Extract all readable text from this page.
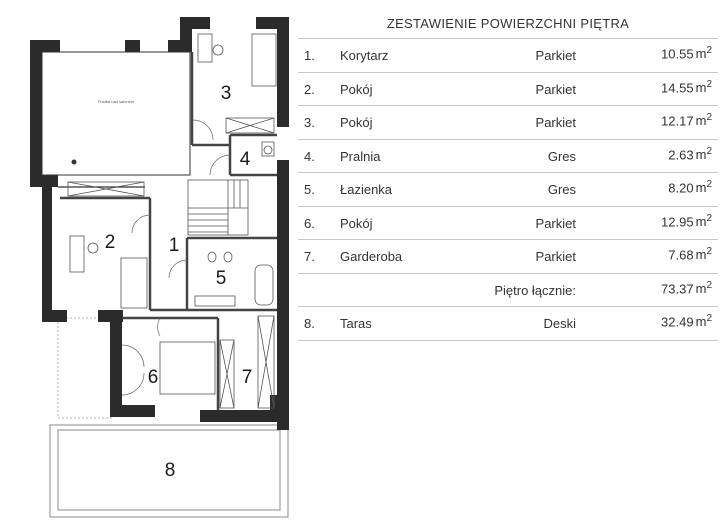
Pustka nad salonem
1
2
3
4
5
6	7
8
ZESTAWIENIE POWIERZCHNI PIĘTRA
1. Korytarz	Parkiet	10.55 $m^2$
2. Pokój	Parkiet	14.55 $m^2$
3. Pokój	Parkiet	12.17 $m^2$
4. Pralnia	Gres	2.63 $m^2$
5. Łazienka	Gres	8.20 $m^2$
6. Pokój	Parkiet	12.95 $m^2$
7. Garderoba	Parkiet	7.68 $m^2$
Piętro łącznie:	73.37 $m^2$
8. Taras	Deski	32.49 $m^2$
